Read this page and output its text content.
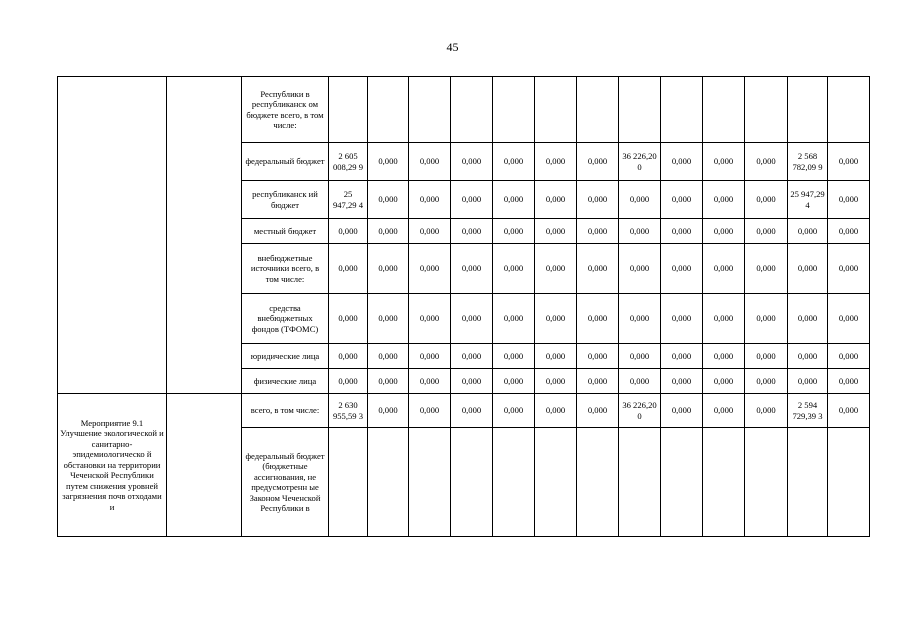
45
		Республики в республиканск ом бюджете всего, в том числе:													
		федеральный бюджет	2 605 008,29 9	0,000	0,000	0,000	0,000	0,000	0,000	36 226,20 0	0,000	0,000	0,000	2 568 782,09 9	0,000
		республиканск ий бюджет	25 947,29 4	0,000	0,000	0,000	0,000	0,000	0,000	0,000	0,000	0,000	0,000	25 947,29 4	0,000
		местный бюджет	0,000	0,000	0,000	0,000	0,000	0,000	0,000	0,000	0,000	0,000	0,000	0,000	0,000
		внебюджетные источники всего, в том числе:	0,000	0,000	0,000	0,000	0,000	0,000	0,000	0,000	0,000	0,000	0,000	0,000	0,000
		средства внебюджетных фондов (ТФОМС)	0,000	0,000	0,000	0,000	0,000	0,000	0,000	0,000	0,000	0,000	0,000	0,000	0,000
		юридические лица	0,000	0,000	0,000	0,000	0,000	0,000	0,000	0,000	0,000	0,000	0,000	0,000	0,000
		физические лица	0,000	0,000	0,000	0,000	0,000	0,000	0,000	0,000	0,000	0,000	0,000	0,000	0,000
Мероприятие 9.1 Улучшение экологической и санитарно-эпидемиологическо й обстановки на территории Чеченской Республики путем снижения уровней загрязнения почв отходами и		всего, в том числе:	2 630 955,59 3	0,000	0,000	0,000	0,000	0,000	0,000	36 226,20 0	0,000	0,000	0,000	2 594 729,39 3	0,000
		федеральный бюджет (бюджетные ассигнования, не предусмотренн ые Законом Чеченской Республики в													
